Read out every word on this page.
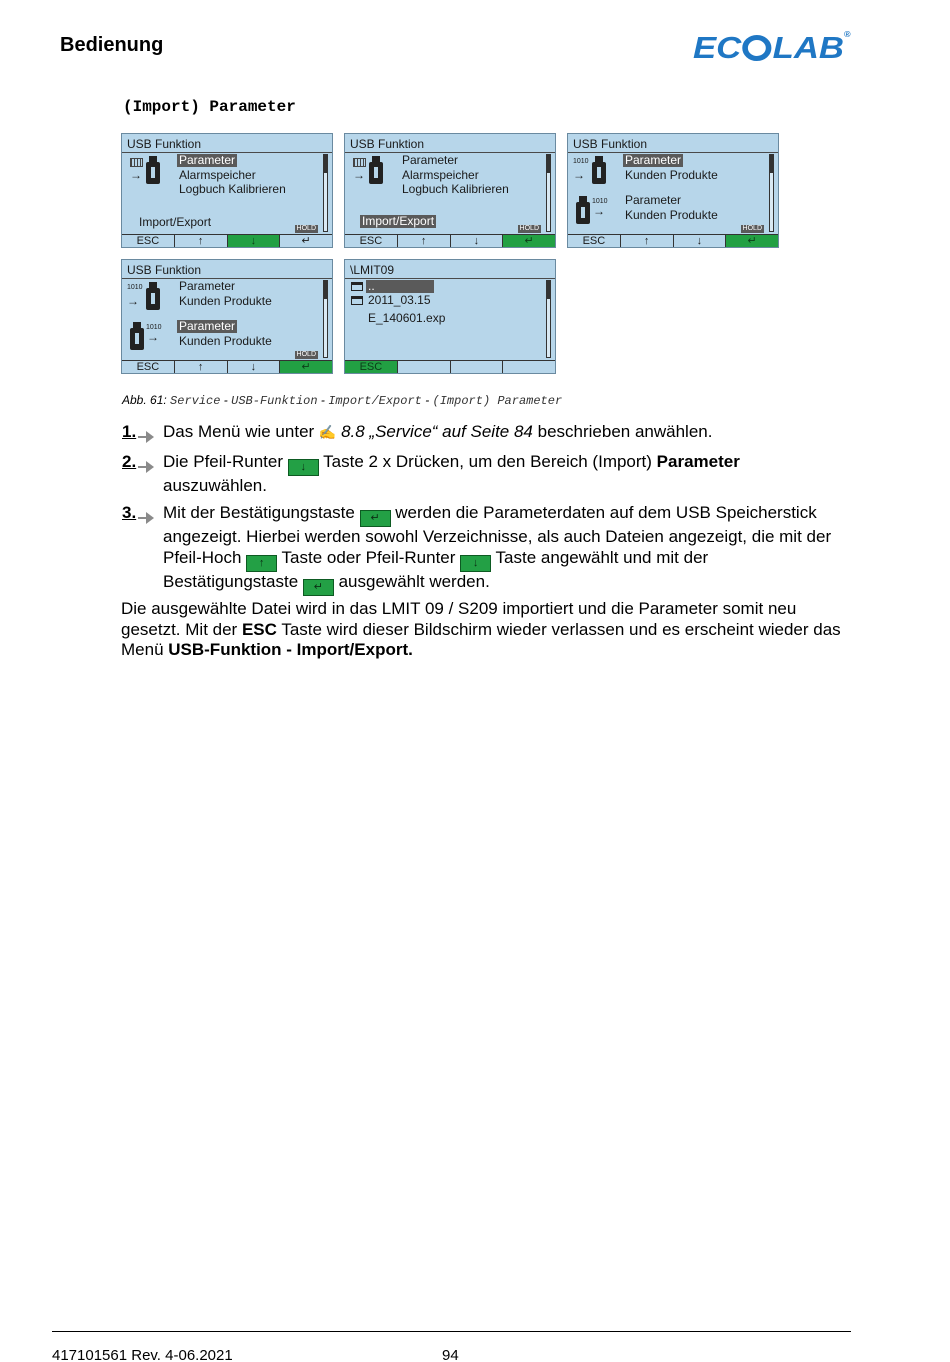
Bedienung	EC LAB®
(Import) Parameter
USB Funktion
→
Parameter
Alarmspeicher
Logbuch Kalibrieren
Import/Export	HOLD
ESC	↑	↓	↵
USB Funktion
→
Parameter
Alarmspeicher
Logbuch Kalibrieren
Import/Export
HOLD
ESC	↑	↓	↵
USB Funktion
1010
→
Parameter
Kunden Produkte
1010
→
Parameter
Kunden Produkte
HOLD
ESC	↑	↓	↵
USB Funktion
1010
→
Parameter
Kunden Produkte
1010
→
Parameter
Kunden Produkte
HOLD
ESC	↑	↓	↵
\LMIT09
..
2011_03.15
E_140601.exp
ESC
Abb. 61: Service - USB-Funktion - Import/Export - (Import) Parameter
1. Das Menü wie unter ✍ 8.8 „Service“ auf Seite 84 beschrieben anwählen.
2. Die Pfeil-Runter ↓ Taste 2 x Drücken, um den Bereich (Import) Parameter auszuwählen.
3. Mit der Bestätigungstaste ↵ werden die Parameterdaten auf dem USB Speicherstick angezeigt. Hierbei werden sowohl Verzeichnisse, als auch Dateien angezeigt, die mit der Pfeil-Hoch ↑ Taste oder Pfeil-Runter ↓ Taste angewählt und mit der Bestätigungstaste ↵ ausgewählt werden.
Die ausgewählte Datei wird in das LMIT 09 / S209 importiert und die Parameter somit neu gesetzt. Mit der ESC Taste wird dieser Bildschirm wieder verlassen und es erscheint wieder das Menü USB-Funktion - Import/Export.
417101561 Rev. 4-06.2021	94
